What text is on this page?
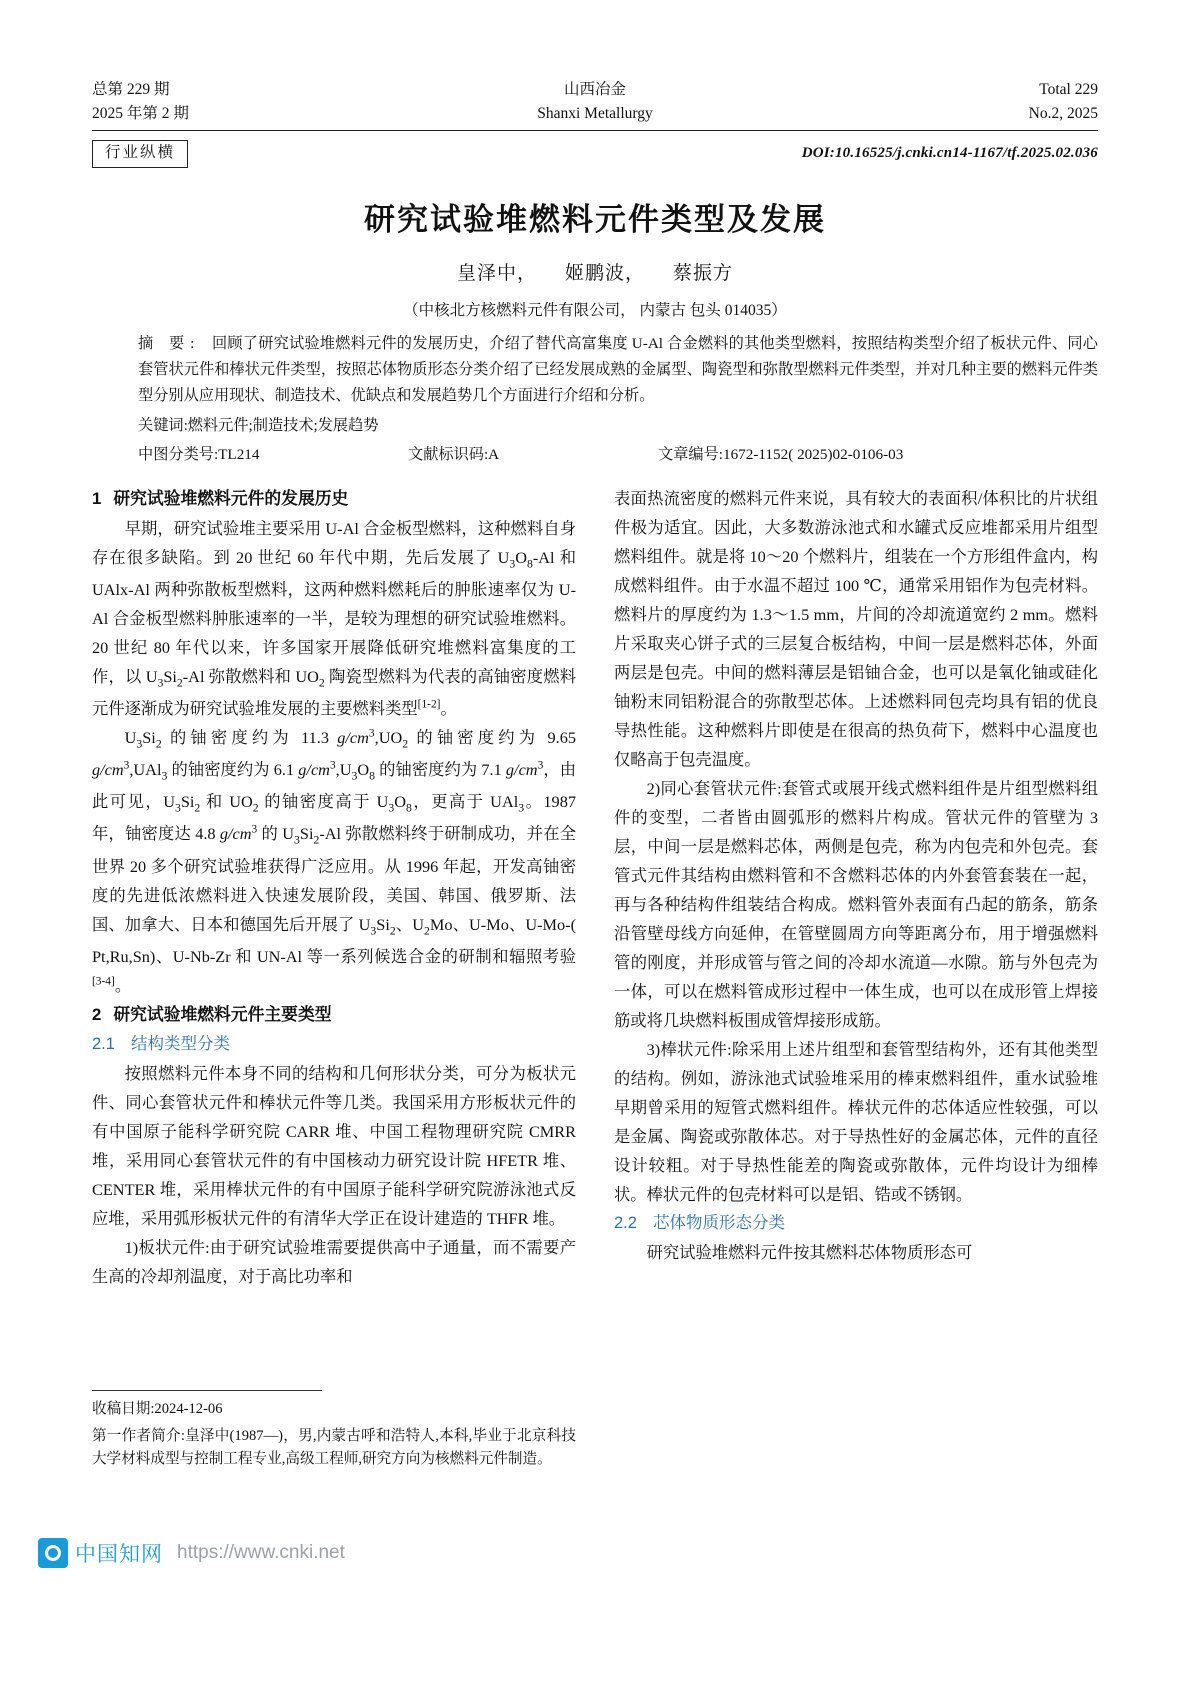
总第 229 期	山西冶金	Total 229
2025 年第 2 期	Shanxi Metallurgy	No.2, 2025
行业纵横	DOI:10.16525/j.cnki.cn14-1167/tf.2025.02.036
研究试验堆燃料元件类型及发展
皇泽中， 姬鹏波， 蔡振方
（中核北方核燃料元件有限公司， 内蒙古 包头 014035）
摘 要: 回顾了研究试验堆燃料元件的发展历史，介绍了替代高富集度 U-Al 合金燃料的其他类型燃料，按照结构类型介绍了板状元件、同心套管状元件和棒状元件类型，按照芯体物质形态分类介绍了已经发展成熟的金属型、陶瓷型和弥散型燃料元件类型，并对几种主要的燃料元件类型分别从应用现状、制造技术、优缺点和发展趋势几个方面进行介绍和分析。
关键词:燃料元件;制造技术;发展趋势
中图分类号:TL214	文献标识码:A	文章编号:1672-1152( 2025)02-0106-03

1 研究试验堆燃料元件的发展历史

早期，研究试验堆主要采用 U-Al 合金板型燃料，这种燃料自身存在很多缺陷。到 20 世纪 60 年代中期，先后发展了 $U_3O_8-Al$ 和 UAlx-Al 两种弥散板型燃料，这两种燃料燃耗后的肿胀速率仅为 U-Al 合金板型燃料肿胀速率的一半，是较为理想的研究试验堆燃料。20 世纪 80 年代以来，许多国家开展降低研究堆燃料富集度的工作，以 $U_3Si_2-Al$ 弥散燃料和 $UO_2$ 陶瓷型燃料为代表的高铀密度燃料元件逐渐成为研究试验堆发展的主要燃料类型[1-2]。

$U_3Si_2$ 的铀密度约为 11.3 $g/cm^3,UO_2$ 的铀密度约为 9.65 $g/cm^3,UAl_3$ 的铀密度约为 6.1 $g/cm^3,U_3O_8$ 的铀密度约为 7.1 $g/cm^3$，由此可见，$U_3Si_2$ 和 $UO_2$ 的铀密度高于 $U_3O_8$，更高于 UAl$_3$。1987 年，铀密度达 4.8 $g/cm^3$ 的 $U_3Si_2-Al$ 弥散燃料终于研制成功，并在全世界 20 多个研究试验堆获得广泛应用。从 1996 年起，开发高铀密度的先进低浓燃料进入快速发展阶段，美国、韩国、俄罗斯、法国、加拿大、日本和德国先后开展了 $U_3Si_2$、$U_2Mo$、U-Mo、U-Mo-( Pt,Ru,Sn)、U-Nb-Zr 和 UN-Al 等一系列候选合金的研制和辐照考验[3-4]。

2 研究试验堆燃料元件主要类型

2.1 结构类型分类

按照燃料元件本身不同的结构和几何形状分类，可分为板状元件、同心套管状元件和棒状元件等几类。我国采用方形板状元件的有中国原子能科学研究院 CARR 堆、中国工程物理研究院 CMRR 堆，采用同心套管状元件的有中国核动力研究设计院 HFETR 堆、CENTER 堆，采用棒状元件的有中国原子能科学研究院游泳池式反应堆，采用弧形板状元件的有清华大学正在设计建造的 THFR 堆。

1)板状元件:由于研究试验堆需要提供高中子通量，而不需要产生高的冷却剂温度，对于高比功率和

表面热流密度的燃料元件来说，具有较大的表面积/体积比的片状组件极为适宜。因此，大多数游泳池式和水罐式反应堆都采用片组型燃料组件。就是将 10～20 个燃料片，组装在一个方形组件盒内，构成燃料组件。由于水温不超过 100 ℃，通常采用铝作为包壳材料。燃料片的厚度约为 1.3～1.5 mm，片间的冷却流道宽约 2 mm。燃料片采取夹心饼子式的三层复合板结构，中间一层是燃料芯体，外面两层是包壳。中间的燃料薄层是铝铀合金，也可以是氧化铀或硅化铀粉末同铝粉混合的弥散型芯体。上述燃料同包壳均具有铝的优良导热性能。这种燃料片即使是在很高的热负荷下，燃料中心温度也仅略高于包壳温度。

2)同心套管状元件:套管式或展开线式燃料组件是片组型燃料组件的变型，二者皆由圆弧形的燃料片构成。管状元件的管壁为 3 层，中间一层是燃料芯体，两侧是包壳，称为内包壳和外包壳。套管式元件其结构由燃料管和不含燃料芯体的内外套管套装在一起，再与各种结构件组装结合构成。燃料管外表面有凸起的筋条，筋条沿管壁母线方向延伸，在管壁圆周方向等距离分布，用于增强燃料管的刚度，并形成管与管之间的冷却水流道—水隙。筋与外包壳为一体，可以在燃料管成形过程中一体生成，也可以在成形管上焊接筋或将几块燃料板围成管焊接形成筋。

3)棒状元件:除采用上述片组型和套管型结构外，还有其他类型的结构。例如，游泳池式试验堆采用的棒束燃料组件，重水试验堆早期曾采用的短管式燃料组件。棒状元件的芯体适应性较强，可以是金属、陶瓷或弥散体芯。对于导热性好的金属芯体，元件的直径设计较粗。对于导热性能差的陶瓷或弥散体，元件均设计为细棒状。棒状元件的包壳材料可以是铝、锆或不锈钢。

2.2 芯体物质形态分类

研究试验堆燃料元件按其燃料芯体物质形态可

收稿日期:2024-12-06
第一作者简介:皇泽中(1987—)，男,内蒙古呼和浩特人,本科,毕业于北京科技大学材料成型与控制工程专业,高级工程师,研究方向为核燃料元件制造。
中国知网 https://www.cnki.net
